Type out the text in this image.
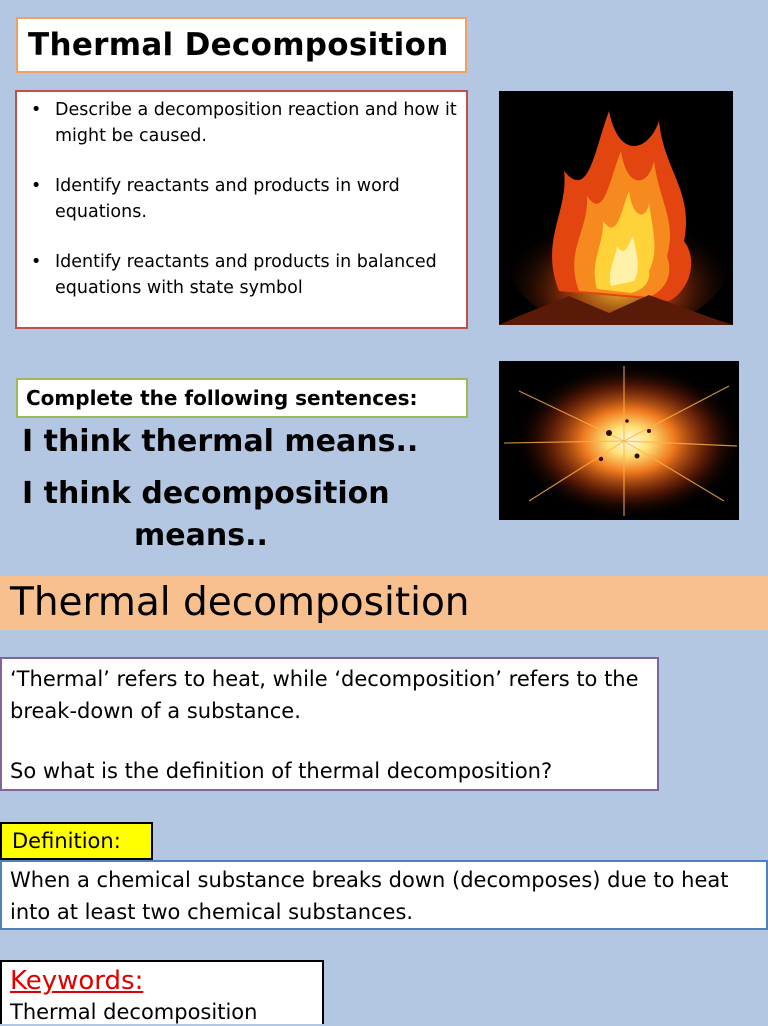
Thermal Decomposition
• Describe a decomposition reaction and how it might be caused.
• Identify reactants and products in word equations.
• Identify reactants and products in balanced equations with state symbol
Complete the following sentences:
I think thermal means..
I think decomposition
means..
Thermal decomposition

‘Thermal’ refers to heat, while ‘decomposition’ refers to the break-down of a substance.

So what is the definition of thermal decomposition?

Definition:
When a chemical substance breaks down (decomposes) due to heat into at least two chemical substances.
Keywords:
Thermal decomposition
